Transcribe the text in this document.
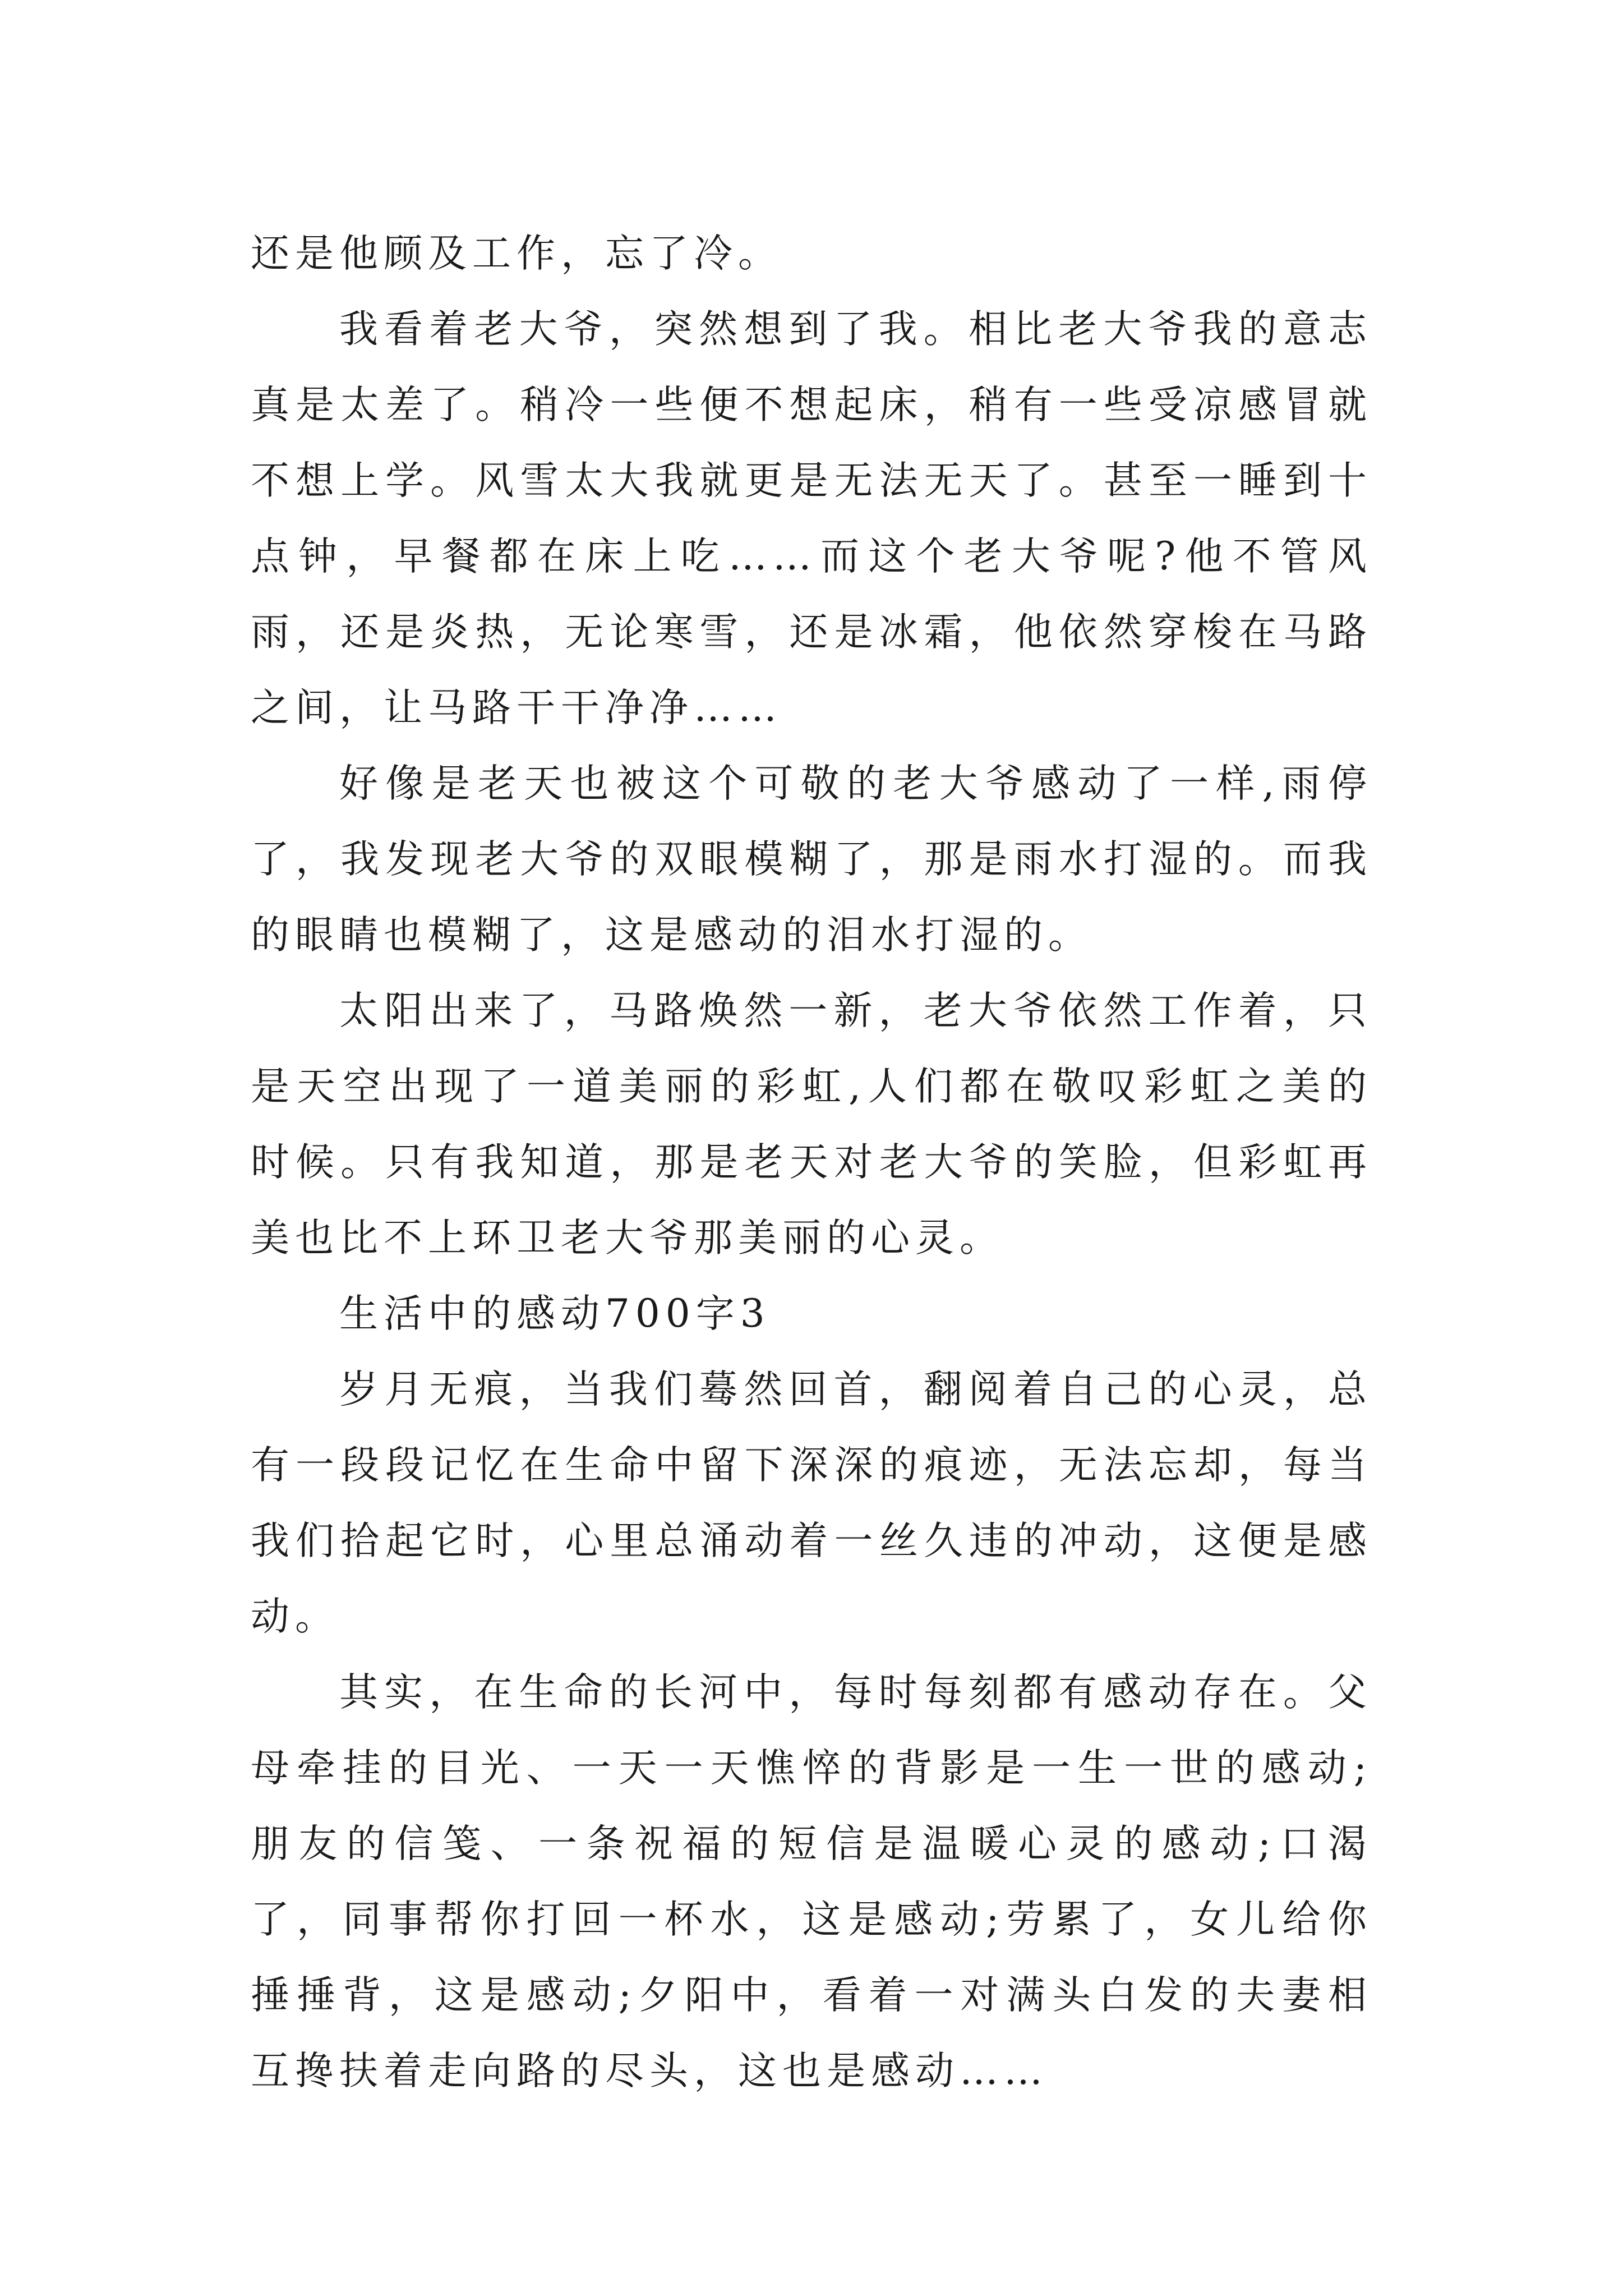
还是他顾及工作，忘了冷。

我看着老大爷，突然想到了我。相比老大爷我的意志真是太差了。稍冷一些便不想起床，稍有一些受凉感冒就不想上学。风雪太大我就更是无法无天了。甚至一睡到十点钟，早餐都在床上吃……而这个老大爷呢?他不管风雨，还是炎热，无论寒雪，还是冰霜，他依然穿梭在马路之间，让马路干干净净……

好像是老天也被这个可敬的老大爷感动了一样,雨停了，我发现老大爷的双眼模糊了，那是雨水打湿的。而我的眼睛也模糊了，这是感动的泪水打湿的。

太阳出来了，马路焕然一新，老大爷依然工作着，只是天空出现了一道美丽的彩虹,人们都在敬叹彩虹之美的时候。只有我知道，那是老天对老大爷的笑脸，但彩虹再美也比不上环卫老大爷那美丽的心灵。

生活中的感动700字3

岁月无痕，当我们蓦然回首，翻阅着自己的心灵，总有一段段记忆在生命中留下深深的痕迹，无法忘却，每当我们拾起它时，心里总涌动着一丝久违的冲动，这便是感动。

其实，在生命的长河中，每时每刻都有感动存在。父母牵挂的目光、一天一天憔悴的背影是一生一世的感动;朋友的信笺、一条祝福的短信是温暖心灵的感动;口渴了，同事帮你打回一杯水，这是感动;劳累了，女儿给你捶捶背，这是感动;夕阳中，看着一对满头白发的夫妻相互搀扶着走向路的尽头，这也是感动……
